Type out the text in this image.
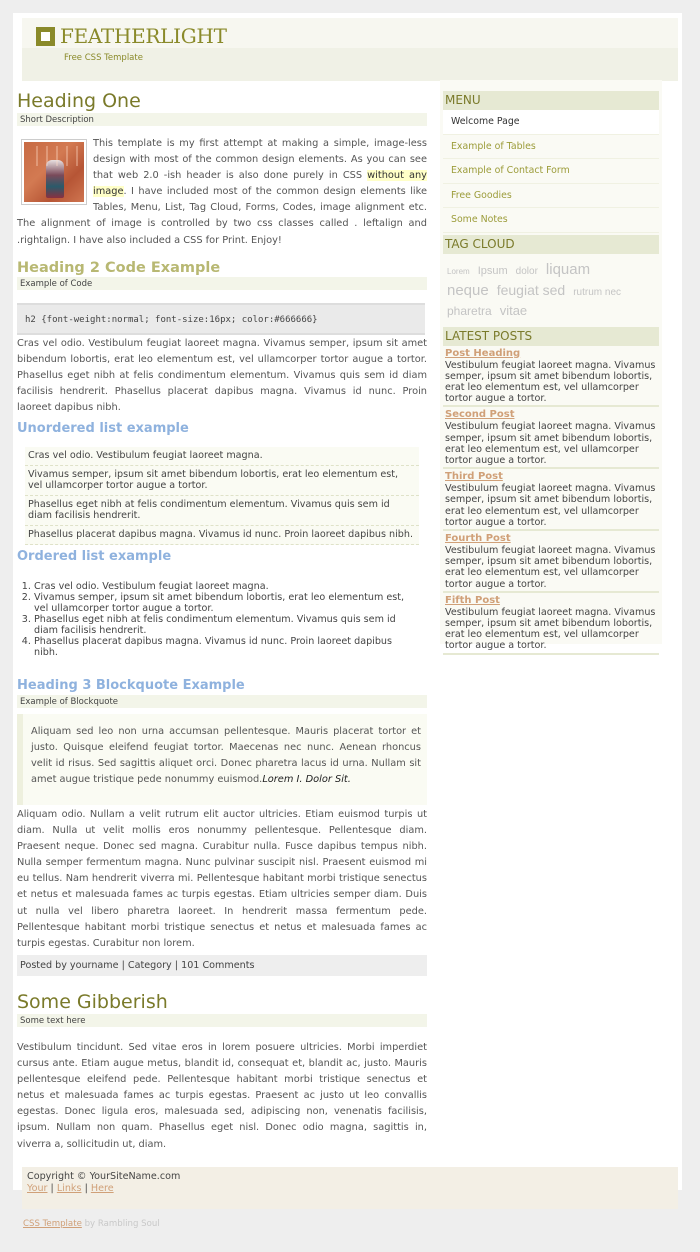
FEATHERLIGHT
Free CSS Template
Heading One
Short Description

This template is my first attempt at making a simple, image-less design with most of the common design elements. As you can see that web 2.0 -ish header is also done purely in CSS without any image. I have included most of the common design elements like Tables, Menu, List, Tag Cloud, Forms, Codes, image alignment etc. The alignment of image is controlled by two css classes called . leftalign and .rightalign. I have also included a CSS for Print. Enjoy!

Heading 2 Code Example
Example of Code
h2 {font-weight:normal; font-size:16px; color:#666666}

Cras vel odio. Vestibulum feugiat laoreet magna. Vivamus semper, ipsum sit amet bibendum lobortis, erat leo elementum est, vel ullamcorper tortor augue a tortor. Phasellus eget nibh at felis condimentum elementum. Vivamus quis sem id diam facilisis hendrerit. Phasellus placerat dapibus magna. Vivamus id nunc. Proin laoreet dapibus nibh.

Unordered list example
Cras vel odio. Vestibulum feugiat laoreet magna.
Vivamus semper, ipsum sit amet bibendum lobortis, erat leo elementum est, vel ullamcorper tortor augue a tortor.
Phasellus eget nibh at felis condimentum elementum. Vivamus quis sem id diam facilisis hendrerit.
Phasellus placerat dapibus magna. Vivamus id nunc. Proin laoreet dapibus nibh.
Ordered list example
1. Cras vel odio. Vestibulum feugiat laoreet magna.
2. Vivamus semper, ipsum sit amet bibendum lobortis, erat leo elementum est, vel ullamcorper tortor augue a tortor.
3. Phasellus eget nibh at felis condimentum elementum. Vivamus quis sem id diam facilisis hendrerit.
4. Phasellus placerat dapibus magna. Vivamus id nunc. Proin laoreet dapibus nibh.
Heading 3 Blockquote Example
Example of Blockquote
Aliquam sed leo non urna accumsan pellentesque. Mauris placerat tortor et justo. Quisque eleifend feugiat tortor. Maecenas nec nunc. Aenean rhoncus velit id risus. Sed sagittis aliquet orci. Donec pharetra lacus id urna. Nullam sit amet augue tristique pede nonummy euismod.Lorem I. Dolor Sit.

Aliquam odio. Nullam a velit rutrum elit auctor ultricies. Etiam euismod turpis ut diam. Nulla ut velit mollis eros nonummy pellentesque. Pellentesque diam. Praesent neque. Donec sed magna. Curabitur nulla. Fusce dapibus tempus nibh. Nulla semper fermentum magna. Nunc pulvinar suscipit nisl. Praesent euismod mi eu tellus. Nam hendrerit viverra mi. Pellentesque habitant morbi tristique senectus et netus et malesuada fames ac turpis egestas. Etiam ultricies semper diam. Duis ut nulla vel libero pharetra laoreet. In hendrerit massa fermentum pede. Pellentesque habitant morbi tristique senectus et netus et malesuada fames ac turpis egestas. Curabitur non lorem.

Posted by yourname | Category | 101 Comments
Some Gibberish
Some text here

Vestibulum tincidunt. Sed vitae eros in lorem posuere ultricies. Morbi imperdiet cursus ante. Etiam augue metus, blandit id, consequat et, blandit ac, justo. Mauris pellentesque eleifend pede. Pellentesque habitant morbi tristique senectus et netus et malesuada fames ac turpis egestas. Praesent ac justo ut leo convallis egestas. Donec ligula eros, malesuada sed, adipiscing non, venenatis facilisis, ipsum. Nullam non quam. Phasellus eget nisl. Donec odio magna, sagittis in, viverra a, sollicitudin ut, diam.

MENU
Welcome Page
Example of Tables
Example of Contact Form
Free Goodies
Some Notes
TAG CLOUD
Lorem Ipsum dolor liquam
neque feugiat sed rutrum nec
pharetra vitae
LATEST POSTS
Post Heading
Vestibulum feugiat laoreet magna. Vivamus semper, ipsum sit amet bibendum lobortis, erat leo elementum est, vel ullamcorper tortor augue a tortor.
Second Post
Vestibulum feugiat laoreet magna. Vivamus semper, ipsum sit amet bibendum lobortis, erat leo elementum est, vel ullamcorper tortor augue a tortor.
Third Post
Vestibulum feugiat laoreet magna. Vivamus semper, ipsum sit amet bibendum lobortis, erat leo elementum est, vel ullamcorper tortor augue a tortor.
Fourth Post
Vestibulum feugiat laoreet magna. Vivamus semper, ipsum sit amet bibendum lobortis, erat leo elementum est, vel ullamcorper tortor augue a tortor.
Fifth Post
Vestibulum feugiat laoreet magna. Vivamus semper, ipsum sit amet bibendum lobortis, erat leo elementum est, vel ullamcorper tortor augue a tortor.
Copyright © YourSiteName.com
Your | Links | Here
CSS Template by Rambling Soul
